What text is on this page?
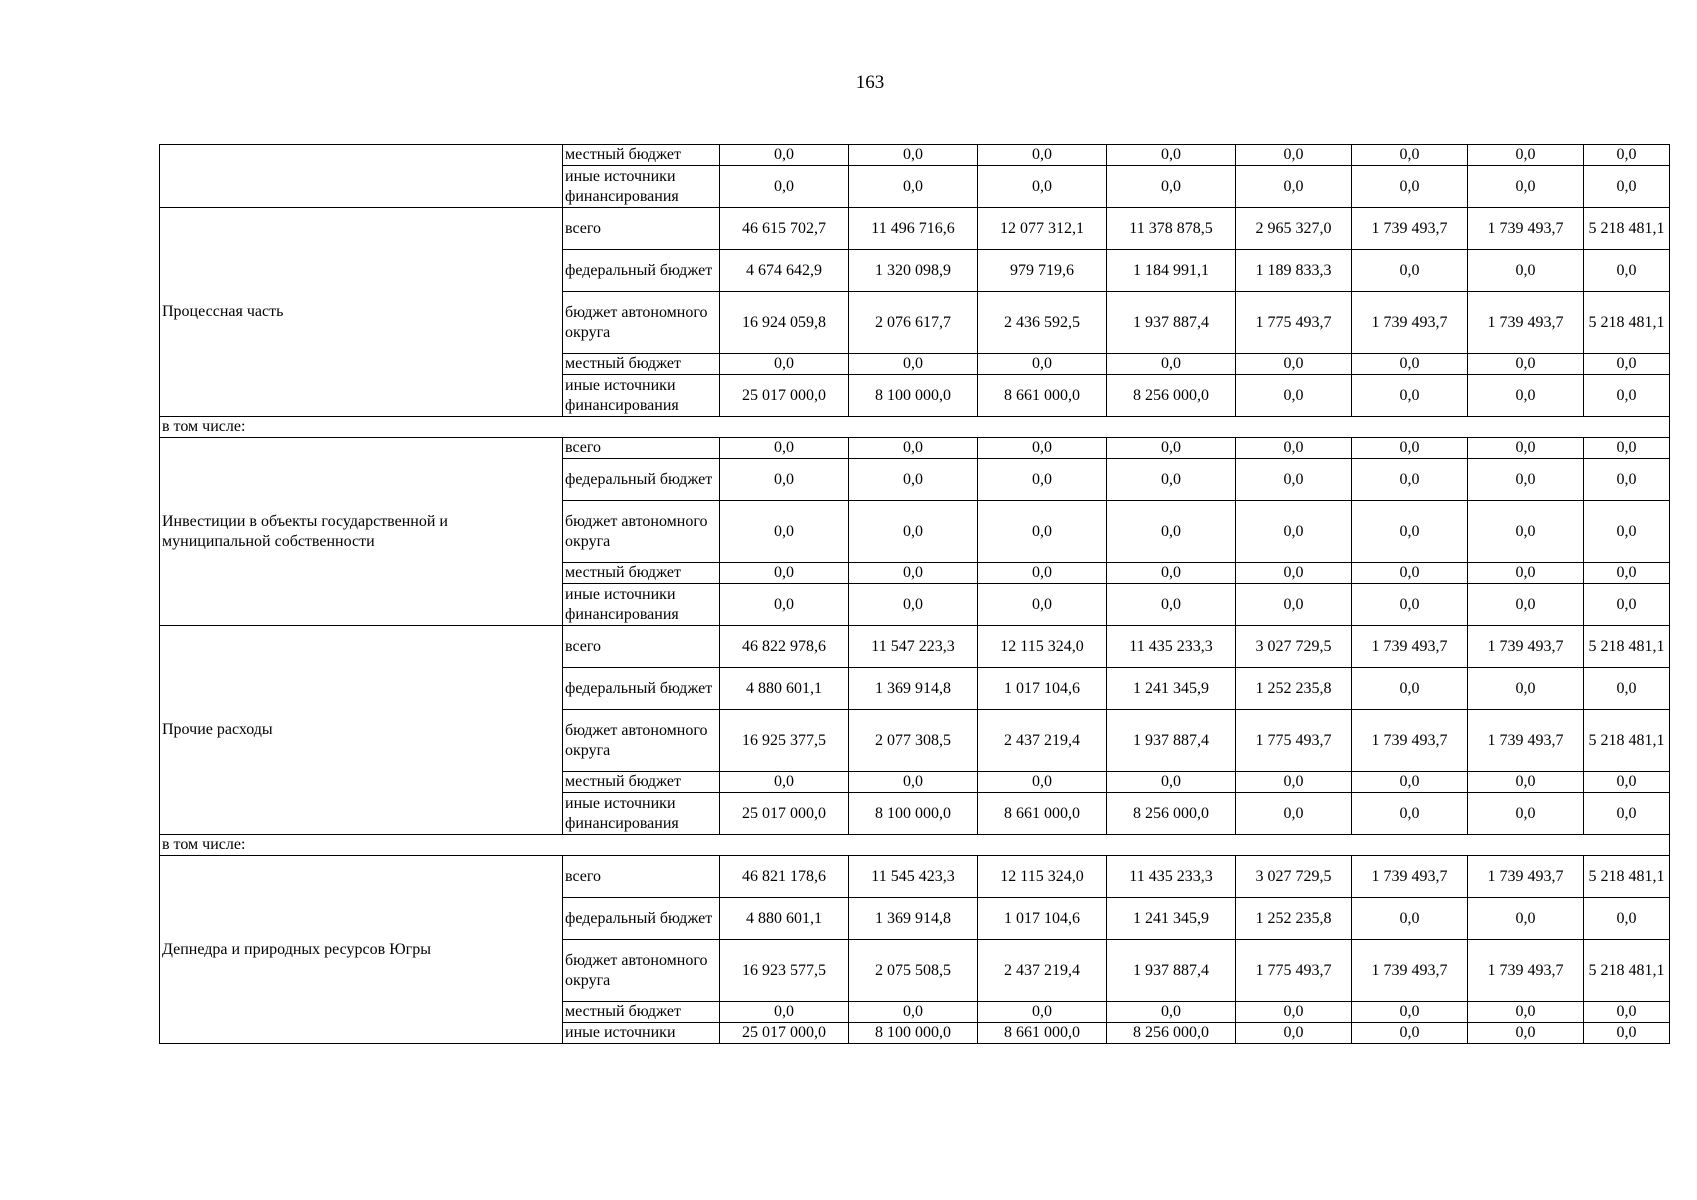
163
	местный бюджет	0,0	0,0	0,0	0,0	0,0	0,0	0,0	0,0
	иные источники финансирования	0,0	0,0	0,0	0,0	0,0	0,0	0,0	0,0
Процессная часть	всего	46 615 702,7	11 496 716,6	12 077 312,1	11 378 878,5	2 965 327,0	1 739 493,7	1 739 493,7	5 218 481,1
	федеральный бюджет	4 674 642,9	1 320 098,9	979 719,6	1 184 991,1	1 189 833,3	0,0	0,0	0,0
	бюджет автономного округа	16 924 059,8	2 076 617,7	2 436 592,5	1 937 887,4	1 775 493,7	1 739 493,7	1 739 493,7	5 218 481,1
	местный бюджет	0,0	0,0	0,0	0,0	0,0	0,0	0,0	0,0
	иные источники финансирования	25 017 000,0	8 100 000,0	8 661 000,0	8 256 000,0	0,0	0,0	0,0	0,0
в том числе:									
Инвестиции в объекты государственной и муниципальной собственности	всего	0,0	0,0	0,0	0,0	0,0	0,0	0,0	0,0
	федеральный бюджет	0,0	0,0	0,0	0,0	0,0	0,0	0,0	0,0
	бюджет автономного округа	0,0	0,0	0,0	0,0	0,0	0,0	0,0	0,0
	местный бюджет	0,0	0,0	0,0	0,0	0,0	0,0	0,0	0,0
	иные источники финансирования	0,0	0,0	0,0	0,0	0,0	0,0	0,0	0,0
Прочие расходы	всего	46 822 978,6	11 547 223,3	12 115 324,0	11 435 233,3	3 027 729,5	1 739 493,7	1 739 493,7	5 218 481,1
	федеральный бюджет	4 880 601,1	1 369 914,8	1 017 104,6	1 241 345,9	1 252 235,8	0,0	0,0	0,0
	бюджет автономного округа	16 925 377,5	2 077 308,5	2 437 219,4	1 937 887,4	1 775 493,7	1 739 493,7	1 739 493,7	5 218 481,1
	местный бюджет	0,0	0,0	0,0	0,0	0,0	0,0	0,0	0,0
	иные источники финансирования	25 017 000,0	8 100 000,0	8 661 000,0	8 256 000,0	0,0	0,0	0,0	0,0
в том числе:									
Депнедра и природных ресурсов Югры	всего	46 821 178,6	11 545 423,3	12 115 324,0	11 435 233,3	3 027 729,5	1 739 493,7	1 739 493,7	5 218 481,1
	федеральный бюджет	4 880 601,1	1 369 914,8	1 017 104,6	1 241 345,9	1 252 235,8	0,0	0,0	0,0
	бюджет автономного округа	16 923 577,5	2 075 508,5	2 437 219,4	1 937 887,4	1 775 493,7	1 739 493,7	1 739 493,7	5 218 481,1
	местный бюджет	0,0	0,0	0,0	0,0	0,0	0,0	0,0	0,0
	иные источники	25 017 000,0	8 100 000,0	8 661 000,0	8 256 000,0	0,0	0,0	0,0	0,0
